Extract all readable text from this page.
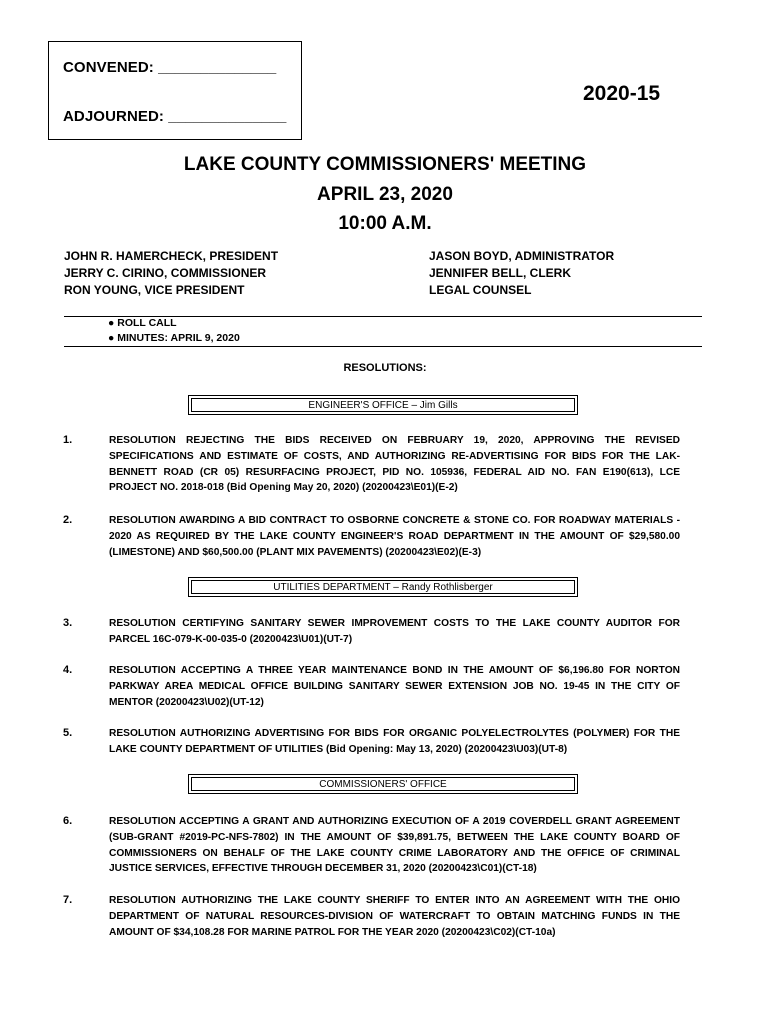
CONVENED: ______________
ADJOURNED: ______________
2020-15
LAKE COUNTY COMMISSIONERS' MEETING
APRIL 23, 2020
10:00 A.M.
JOHN R. HAMERCHECK, PRESIDENT
JERRY C. CIRINO, COMMISSIONER
RON YOUNG, VICE PRESIDENT
JASON BOYD, ADMINISTRATOR
JENNIFER BELL, CLERK
LEGAL COUNSEL
● ROLL CALL
● MINUTES: APRIL 9, 2020
RESOLUTIONS:
ENGINEER'S OFFICE – Jim Gills
1.	RESOLUTION REJECTING THE BIDS RECEIVED ON FEBRUARY 19, 2020, APPROVING THE REVISED SPECIFICATIONS AND ESTIMATE OF COSTS, AND AUTHORIZING RE-ADVERTISING FOR BIDS FOR THE LAK-BENNETT ROAD (CR 05) RESURFACING PROJECT, PID NO. 105936, FEDERAL AID NO. FAN E190(613), LCE PROJECT NO. 2018-018 (Bid Opening May 20, 2020) (20200423\E01)(E-2)
2.	RESOLUTION AWARDING A BID CONTRACT TO OSBORNE CONCRETE & STONE CO. FOR ROADWAY MATERIALS - 2020 AS REQUIRED BY THE LAKE COUNTY ENGINEER'S ROAD DEPARTMENT IN THE AMOUNT OF $29,580.00 (LIMESTONE) AND $60,500.00 (PLANT MIX PAVEMENTS) (20200423\E02)(E-3)
UTILITIES DEPARTMENT – Randy Rothlisberger
3.	RESOLUTION CERTIFYING SANITARY SEWER IMPROVEMENT COSTS TO THE LAKE COUNTY AUDITOR FOR PARCEL 16C-079-K-00-035-0 (20200423\U01)(UT-7)
4.	RESOLUTION ACCEPTING A THREE YEAR MAINTENANCE BOND IN THE AMOUNT OF $6,196.80 FOR NORTON PARKWAY AREA MEDICAL OFFICE BUILDING SANITARY SEWER EXTENSION JOB NO. 19-45 IN THE CITY OF MENTOR (20200423\U02)(UT-12)
5.	RESOLUTION AUTHORIZING ADVERTISING FOR BIDS FOR ORGANIC POLYELECTROLYTES (POLYMER) FOR THE LAKE COUNTY DEPARTMENT OF UTILITIES (Bid Opening: May 13, 2020) (20200423\U03)(UT-8)
COMMISSIONERS' OFFICE
6.	RESOLUTION ACCEPTING A GRANT AND AUTHORIZING EXECUTION OF A 2019 COVERDELL GRANT AGREEMENT (SUB-GRANT #2019-PC-NFS-7802) IN THE AMOUNT OF $39,891.75, BETWEEN THE LAKE COUNTY BOARD OF COMMISSIONERS ON BEHALF OF THE LAKE COUNTY CRIME LABORATORY AND THE OFFICE OF CRIMINAL JUSTICE SERVICES, EFFECTIVE THROUGH DECEMBER 31, 2020 (20200423\C01)(CT-18)
7.	RESOLUTION AUTHORIZING THE LAKE COUNTY SHERIFF TO ENTER INTO AN AGREEMENT WITH THE OHIO DEPARTMENT OF NATURAL RESOURCES-DIVISION OF WATERCRAFT TO OBTAIN MATCHING FUNDS IN THE AMOUNT OF $34,108.28 FOR MARINE PATROL FOR THE YEAR 2020 (20200423\C02)(CT-10a)
